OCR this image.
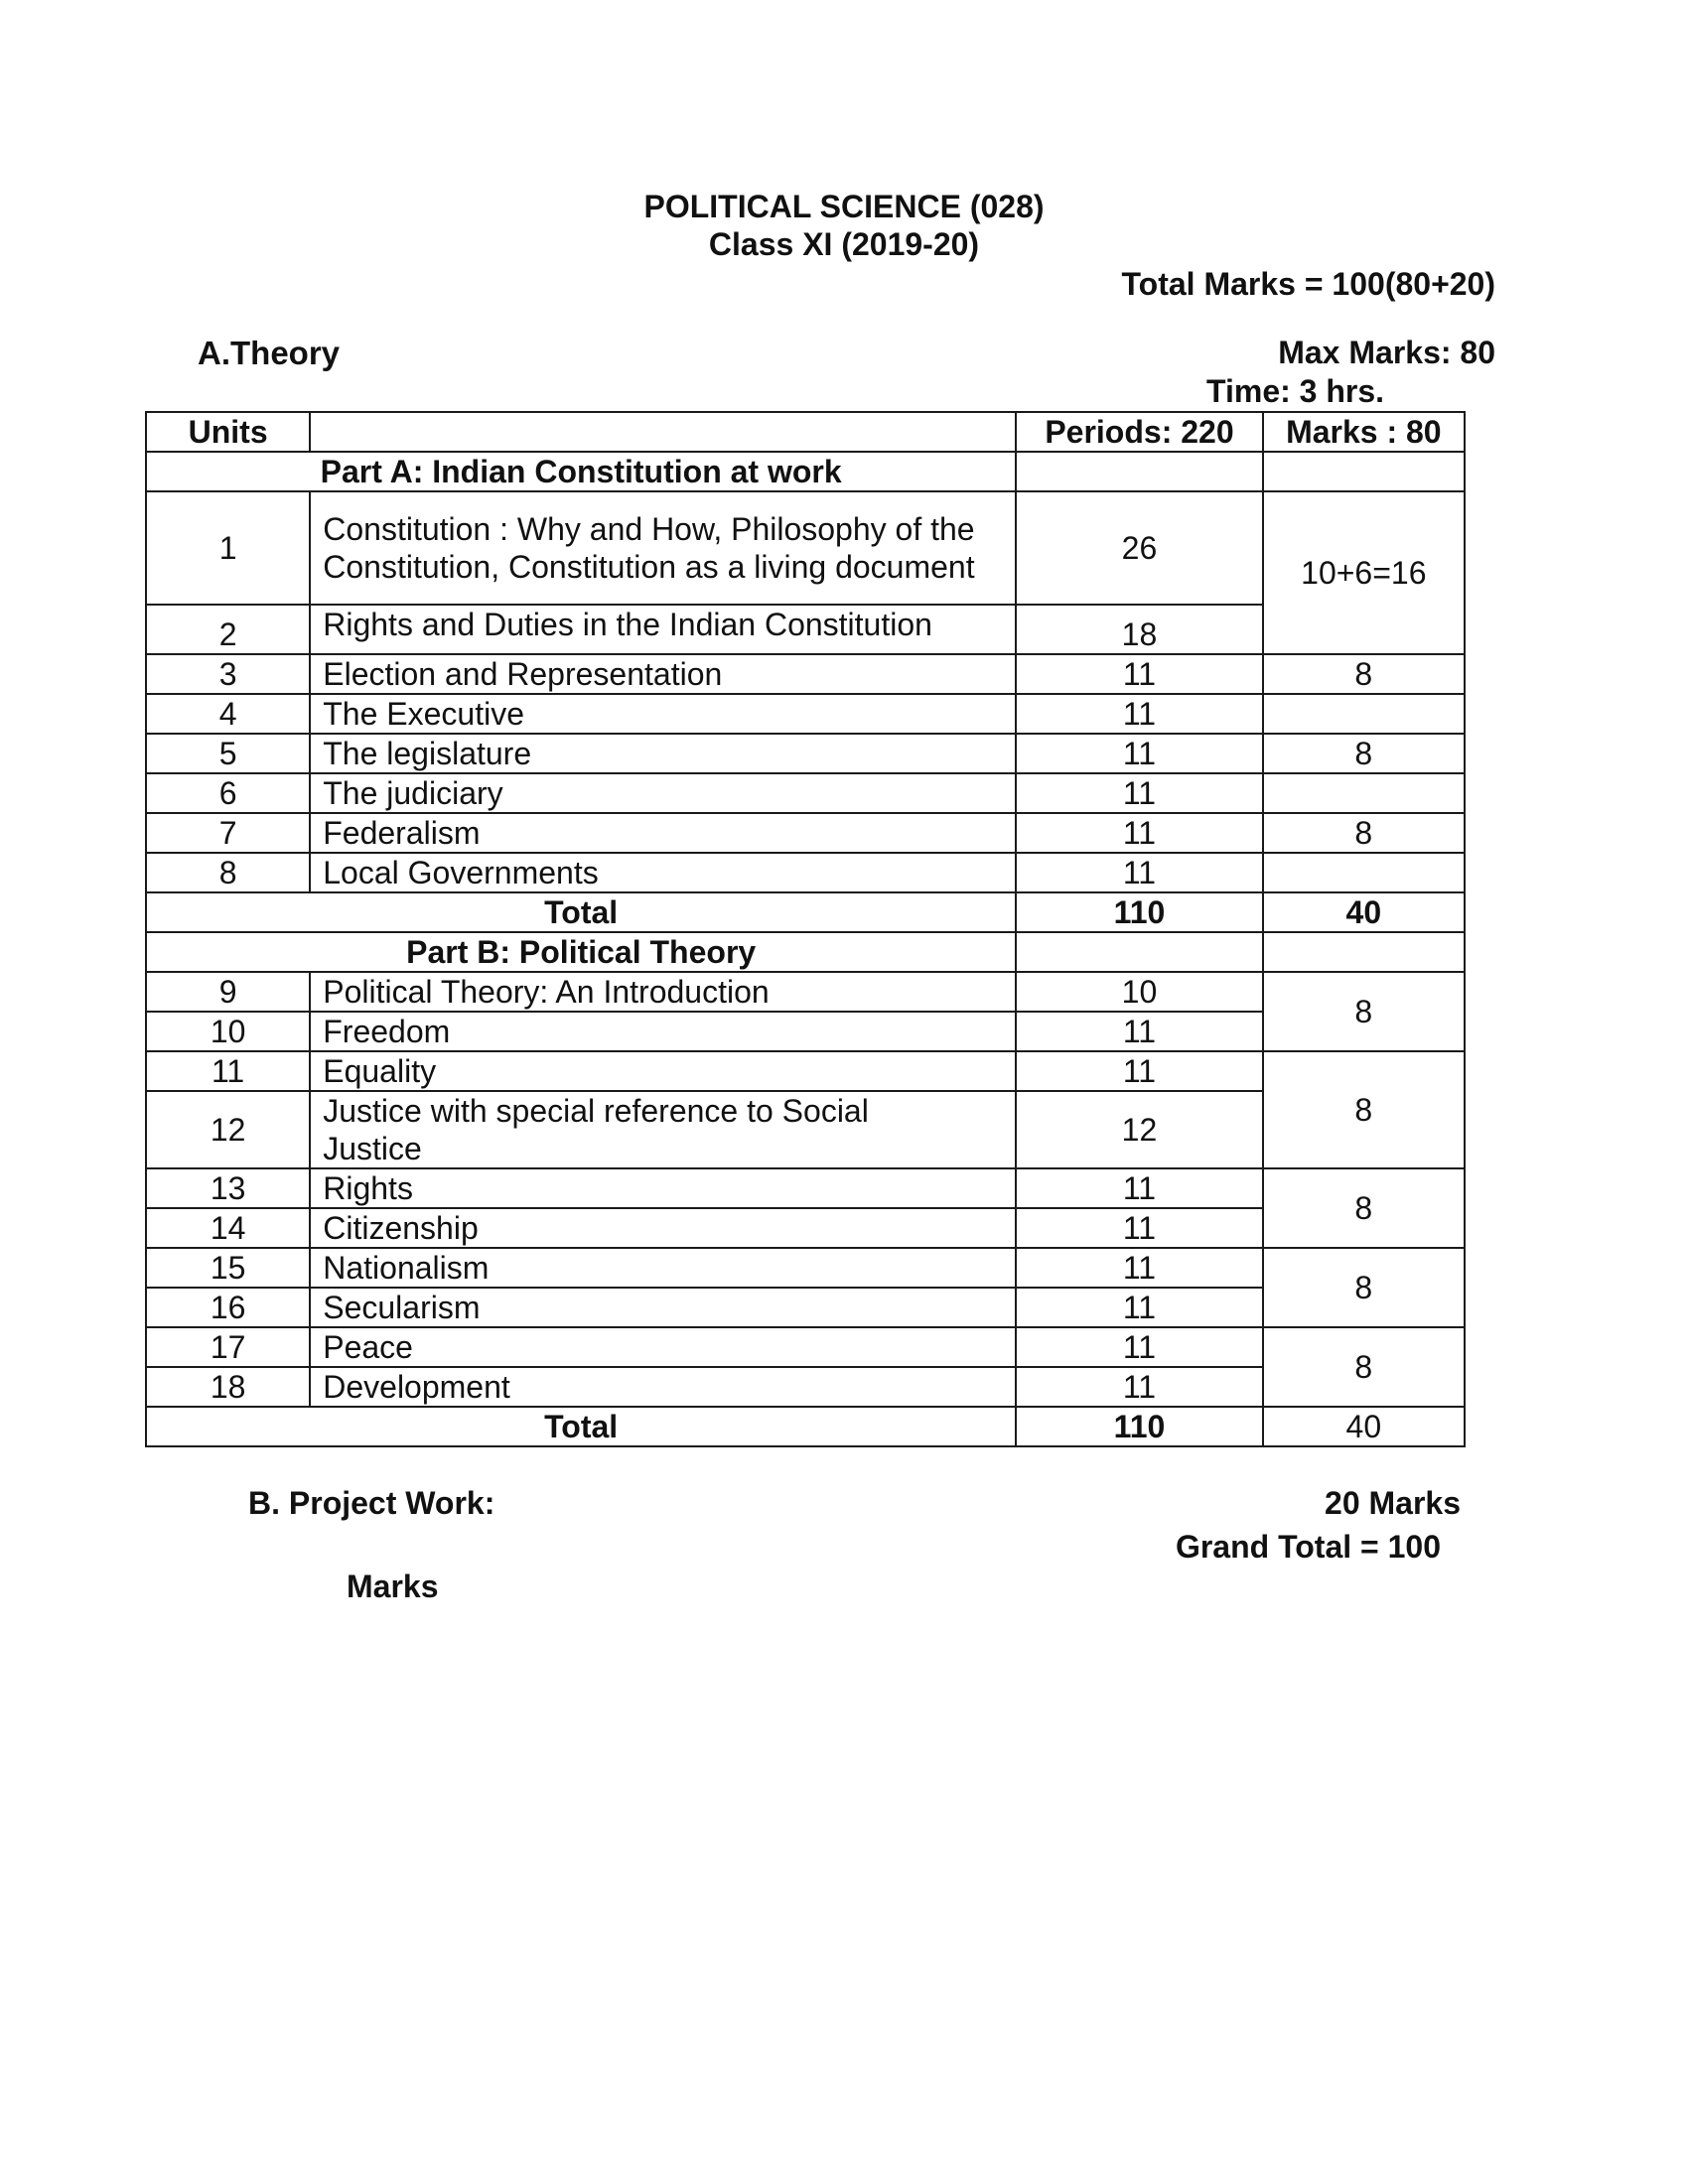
POLITICAL SCIENCE (028)
Class XI (2019-20)
Total Marks = 100(80+20)
A.Theory	Max Marks: 80
Time: 3 hrs.
Units		Periods: 220	Marks : 80
Part A: Indian Constitution at work			
1	Constitution : Why and How, Philosophy of the Constitution, Constitution as a living document	26	10+6=16
2	Rights and Duties in the Indian Constitution	18	
3	Election and Representation	11	8
4	The Executive	11	
5	The legislature	11	8
6	The judiciary	11	
7	Federalism	11	8
8	Local Governments	11	
Total		110	40
Part B: Political Theory			
9	Political Theory: An Introduction	10	8
10	Freedom	11	
11	Equality	11	8
12	Justice with special reference to Social Justice	12	
13	Rights	11	8
14	Citizenship	11	
15	Nationalism	11	8
16	Secularism	11	
17	Peace	11	8
18	Development	11	
Total		110	40
B. Project Work:	20 Marks
Grand Total = 100
Marks
